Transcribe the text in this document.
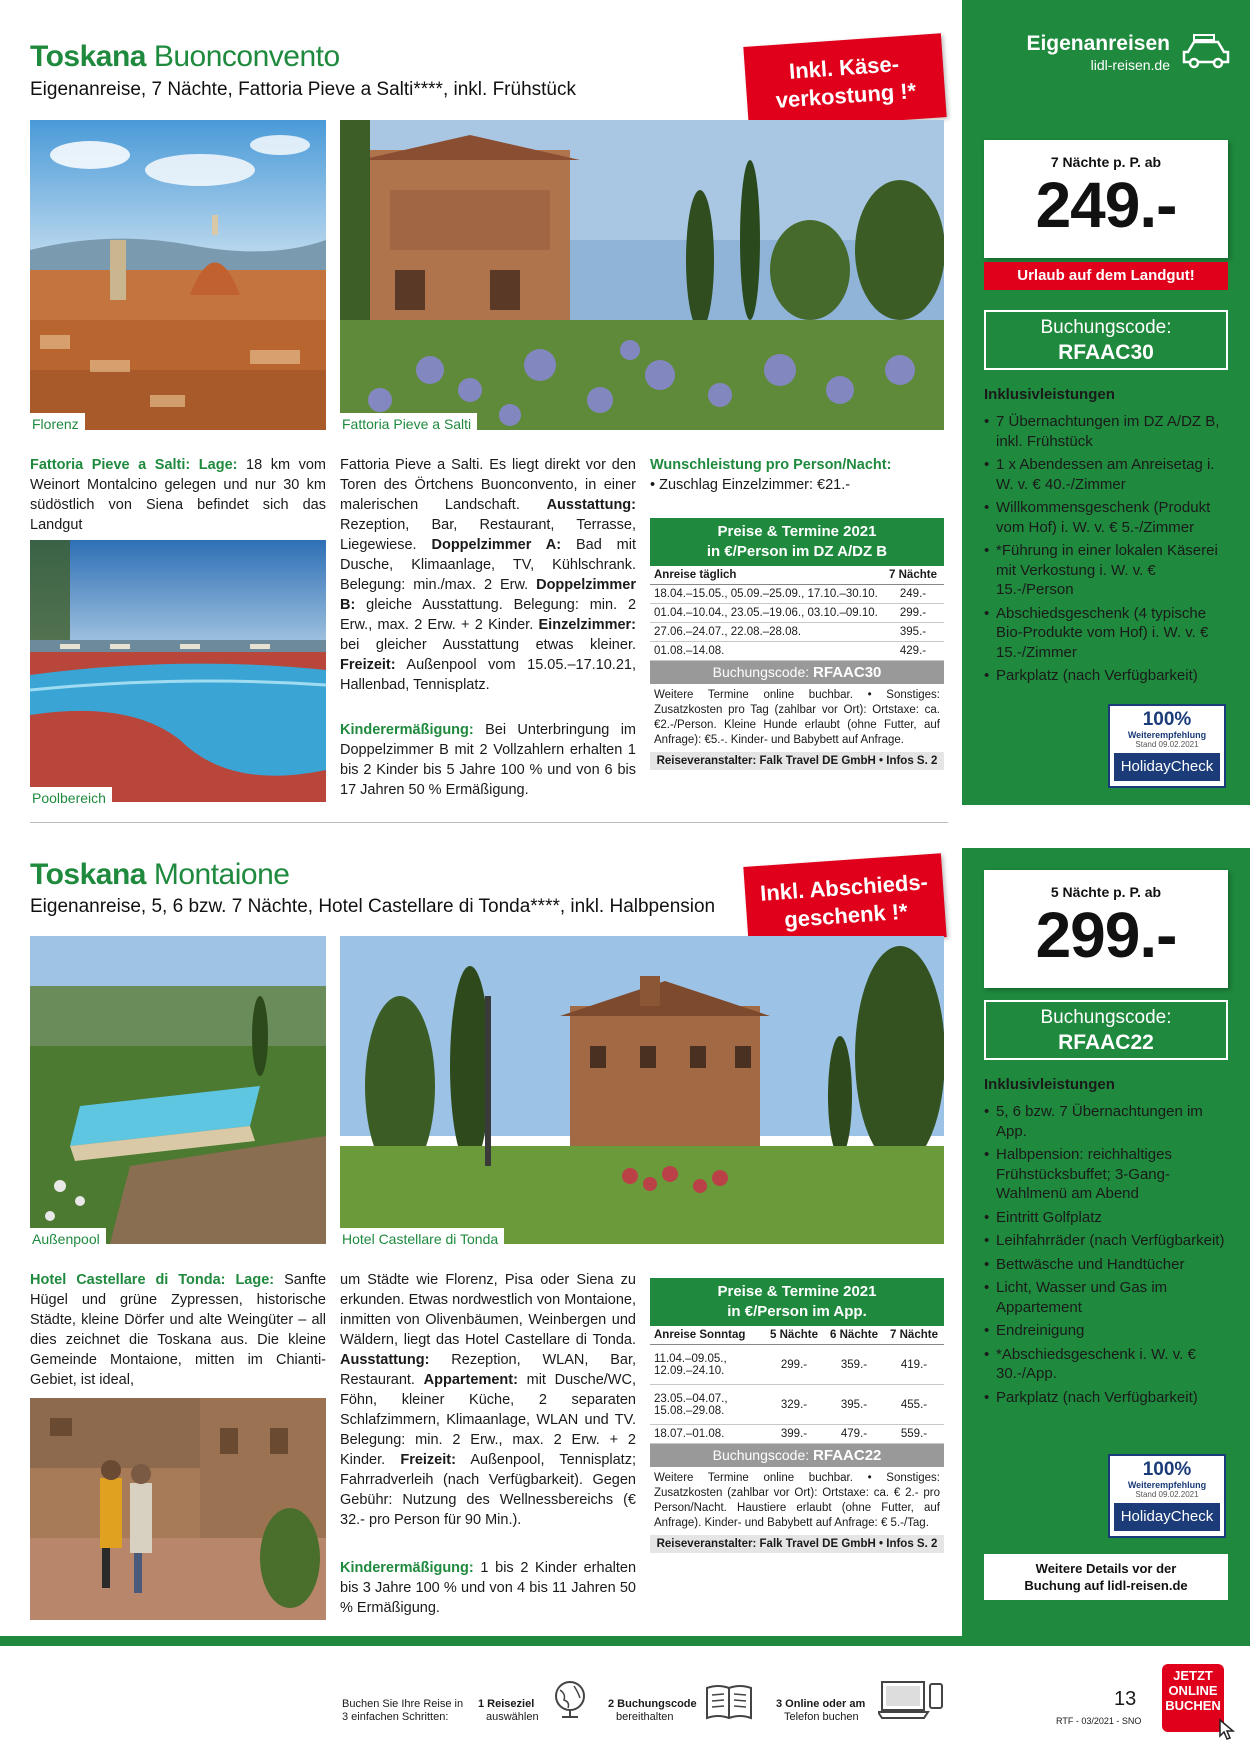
Eigenanreisen
lidl-reisen.de
Toskana Buonconvento
Eigenanreise, 7 Nächte, Fattoria Pieve a Salti****, inkl. Frühstück
Inkl. Käse-
verkostung !*
Florenz	Fattoria Pieve a Salti
Poolbereich
Fattoria Pieve a Salti: Lage: 18 km vom Weinort Montalcino gelegen und nur 30 km südöstlich von Siena befindet sich das Landgut
Fattoria Pieve a Salti. Es liegt direkt vor den Toren des Örtchens Buonconvento, in einer malerischen Landschaft. Ausstattung: Rezeption, Bar, Restaurant, Terrasse, Liegewiese. Doppelzimmer A: Bad mit Dusche, Klimaanlage, TV, Kühlschrank. Belegung: min./max. 2 Erw. Doppelzimmer B: gleiche Ausstattung. Belegung: min. 2 Erw., max. 2 Erw. + 2 Kinder. Einzelzimmer: bei gleicher Ausstattung etwas kleiner. Freizeit: Außenpool vom 15.05.–17.10.21, Hallenbad, Tennisplatz.
Kinderermäßigung: Bei Unterbringung im Doppelzimmer B mit 2 Vollzahlern erhalten 1 bis 2 Kinder bis 5 Jahre 100 % und von 6 bis 17 Jahren 50 % Ermäßigung.
Wunschleistung pro Person/Nacht:
• Zuschlag Einzelzimmer: €21.-
Preise & Termine 2021
in €/Person im DZ A/DZ B
Anreise täglich	7 Nächte
18.04.–15.05., 05.09.–25.09., 17.10.–30.10.	249.-
01.04.–10.04., 23.05.–19.06., 03.10.–09.10.	299.-
27.06.–24.07., 22.08.–28.08.	395.-
01.08.–14.08.	429.-
Buchungscode: RFAAC30
Weitere Termine online buchbar. • Sonstiges: Zusatzkosten pro Tag (zahlbar vor Ort): Ortstaxe: ca. €2.-/Person. Kleine Hunde erlaubt (ohne Futter, auf Anfrage): €5.-. Kinder- und Babybett auf Anfrage.
Reiseveranstalter: Falk Travel DE GmbH • Infos S. 2
7 Nächte p. P. ab
249.-
Urlaub auf dem Landgut!
Buchungscode:
RFAAC30
Inklusivleistungen
• 7 Übernachtungen im DZ A/DZ B, inkl. Frühstück
• 1 x Abendessen am Anreisetag i. W. v. € 40.-/Zimmer
• Willkommensgeschenk (Produkt vom Hof) i. W. v. € 5.-/Zimmer
• *Führung in einer lokalen Käserei mit Verkostung i. W. v. € 15.-/Person
• Abschiedsgeschenk (4 typische Bio-Produkte vom Hof) i. W. v. € 15.-/Zimmer
• Parkplatz (nach Verfügbarkeit)
100%
Weiterempfehlung
Stand 09.02.2021
HolidayCheck
Toskana Montaione
Eigenanreise, 5, 6 bzw. 7 Nächte, Hotel Castellare di Tonda****, inkl. Halbpension
Inkl. Abschieds-
geschenk !*
Außenpool	Hotel Castellare di Tonda
Hotel Castellare di Tonda: Lage: Sanfte Hügel und grüne Zypressen, historische Städte, kleine Dörfer und alte Weingüter – all dies zeichnet die Toskana aus. Die kleine Gemeinde Montaione, mitten im Chianti-Gebiet, ist ideal,
um Städte wie Florenz, Pisa oder Siena zu erkunden. Etwas nordwestlich von Montaione, inmitten von Olivenbäumen, Weinbergen und Wäldern, liegt das Hotel Castellare di Tonda. Ausstattung: Rezeption, WLAN, Bar, Restaurant. Appartement: mit Dusche/WC, Föhn, kleiner Küche, 2 separaten Schlafzimmern, Klimaanlage, WLAN und TV. Belegung: min. 2 Erw., max. 2 Erw. + 2 Kinder. Freizeit: Außenpool, Tennisplatz; Fahrradverleih (nach Verfügbarkeit). Gegen Gebühr: Nutzung des Wellnessbereichs (€ 32.- pro Person für 90 Min.).
Kinderermäßigung: 1 bis 2 Kinder erhalten bis 3 Jahre 100 % und von 4 bis 11 Jahren 50 % Ermäßigung.
Preise & Termine 2021
in €/Person im App.
Anreise Sonntag	5 Nächte	6 Nächte	7 Nächte
11.04.–09.05., 12.09.–24.10.	299.-	359.-	419.-
23.05.–04.07., 15.08.–29.08.	329.-	395.-	455.-
18.07.–01.08.	399.-	479.-	559.-
Buchungscode: RFAAC22
Weitere Termine online buchbar. • Sonstiges: Zusatzkosten (zahlbar vor Ort): Ortstaxe: ca. € 2.- pro Person/Nacht. Haustiere erlaubt (ohne Futter, auf Anfrage). Kinder- und Babybett auf Anfrage: € 5.-/Tag.
Reiseveranstalter: Falk Travel DE GmbH • Infos S. 2
5 Nächte p. P. ab
299.-
Buchungscode:
RFAAC22
Inklusivleistungen
• 5, 6 bzw. 7 Übernachtungen im App.
• Halbpension: reichhaltiges Frühstücksbuffet; 3-Gang-Wahlmenü am Abend
• Eintritt Golfplatz
• Leihfahrräder (nach Verfügbarkeit)
• Bettwäsche und Handtücher
• Licht, Wasser und Gas im Appartement
• Endreinigung
• *Abschiedsgeschenk i. W. v. € 30.-/App.
• Parkplatz (nach Verfügbarkeit)
100%
Weiterempfehlung
Stand 09.02.2021
HolidayCheck
Weitere Details vor der
Buchung auf lidl-reisen.de
Buchen Sie Ihre Reise in
3 einfachen Schritten:
1 Reiseziel
auswählen
2 Buchungscode
bereithalten
3 Online oder am
Telefon buchen
13
RTF - 03/2021 - SNO
JETZT
ONLINE
BUCHEN
